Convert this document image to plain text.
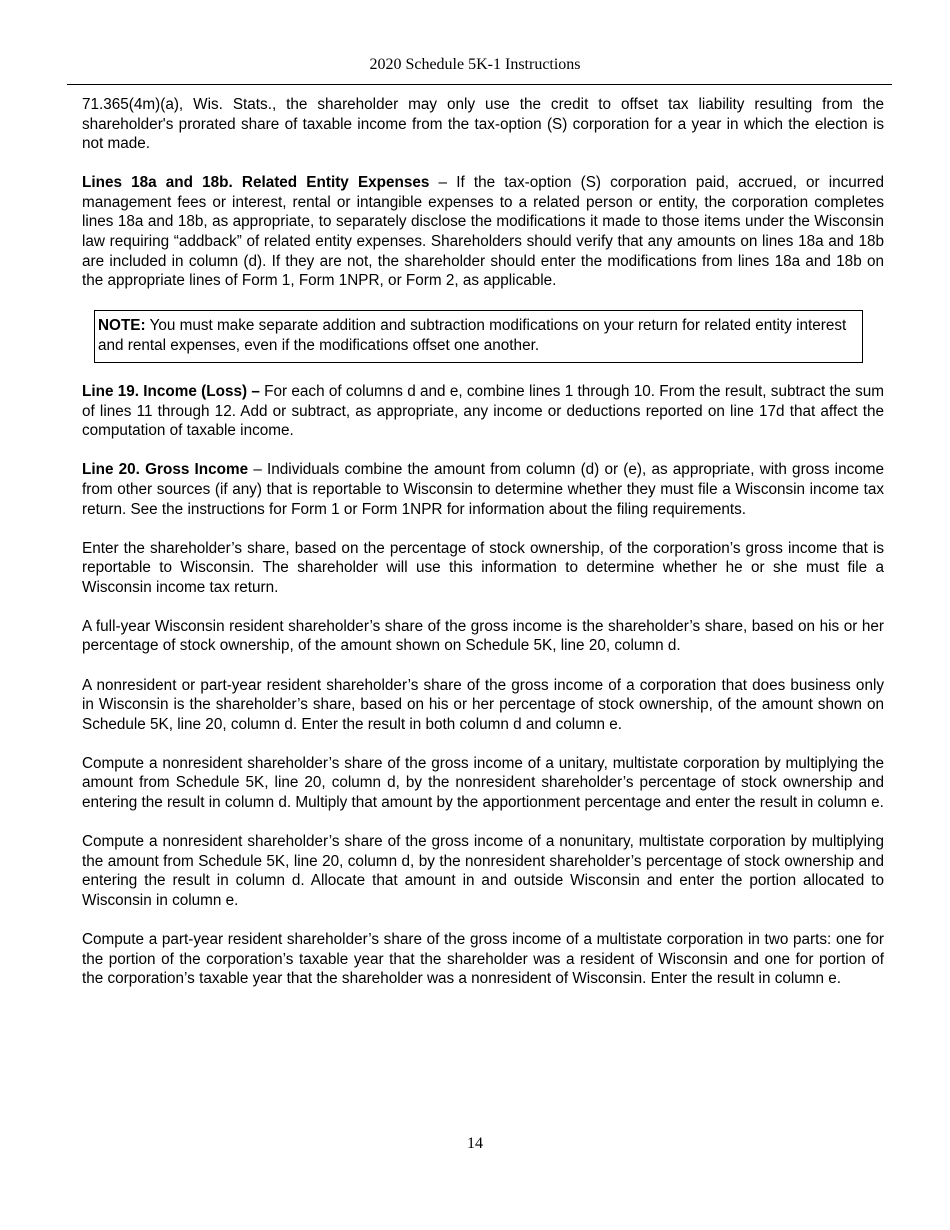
2020 Schedule 5K-1 Instructions

71.365(4m)(a), Wis. Stats., the shareholder may only use the credit to offset tax liability resulting from the shareholder's prorated share of taxable income from the tax-option (S) corporation for a year in which the election is not made.

Lines 18a and 18b. Related Entity Expenses – If the tax-option (S) corporation paid, accrued, or incurred management fees or interest, rental or intangible expenses to a related person or entity, the corporation completes lines 18a and 18b, as appropriate, to separately disclose the modifications it made to those items under the Wisconsin law requiring “addback” of related entity expenses. Shareholders should verify that any amounts on lines 18a and 18b are included in column (d). If they are not, the shareholder should enter the modifications from lines 18a and 18b on the appropriate lines of Form 1, Form 1NPR, or Form 2, as applicable.

NOTE: You must make separate addition and subtraction modifications on your return for related entity interest and rental expenses, even if the modifications offset one another.

Line 19. Income (Loss) – For each of columns d and e, combine lines 1 through 10. From the result, subtract the sum of lines 11 through 12. Add or subtract, as appropriate, any income or deductions reported on line 17d that affect the computation of taxable income.

Line 20. Gross Income – Individuals combine the amount from column (d) or (e), as appropriate, with gross income from other sources (if any) that is reportable to Wisconsin to determine whether they must file a Wisconsin income tax return. See the instructions for Form 1 or Form 1NPR for information about the filing requirements.

Enter the shareholder’s share, based on the percentage of stock ownership, of the corporation’s gross income that is reportable to Wisconsin. The shareholder will use this information to determine whether he or she must file a Wisconsin income tax return.

A full-year Wisconsin resident shareholder’s share of the gross income is the shareholder’s share, based on his or her percentage of stock ownership, of the amount shown on Schedule 5K, line 20, column d.

A nonresident or part-year resident shareholder’s share of the gross income of a corporation that does business only in Wisconsin is the shareholder’s share, based on his or her percentage of stock ownership, of the amount shown on Schedule 5K, line 20, column d. Enter the result in both column d and column e.

Compute a nonresident shareholder’s share of the gross income of a unitary, multistate corporation by multiplying the amount from Schedule 5K, line 20, column d, by the nonresident shareholder’s percentage of stock ownership and entering the result in column d. Multiply that amount by the apportionment percentage and enter the result in column e.

Compute a nonresident shareholder’s share of the gross income of a nonunitary, multistate corporation by multiplying the amount from Schedule 5K, line 20, column d, by the nonresident shareholder’s percentage of stock ownership and entering the result in column d. Allocate that amount in and outside Wisconsin and enter the portion allocated to Wisconsin in column e.

Compute a part-year resident shareholder’s share of the gross income of a multistate corporation in two parts: one for the portion of the corporation’s taxable year that the shareholder was a resident of Wisconsin and one for portion of the corporation’s taxable year that the shareholder was a nonresident of Wisconsin. Enter the result in column e.

14
